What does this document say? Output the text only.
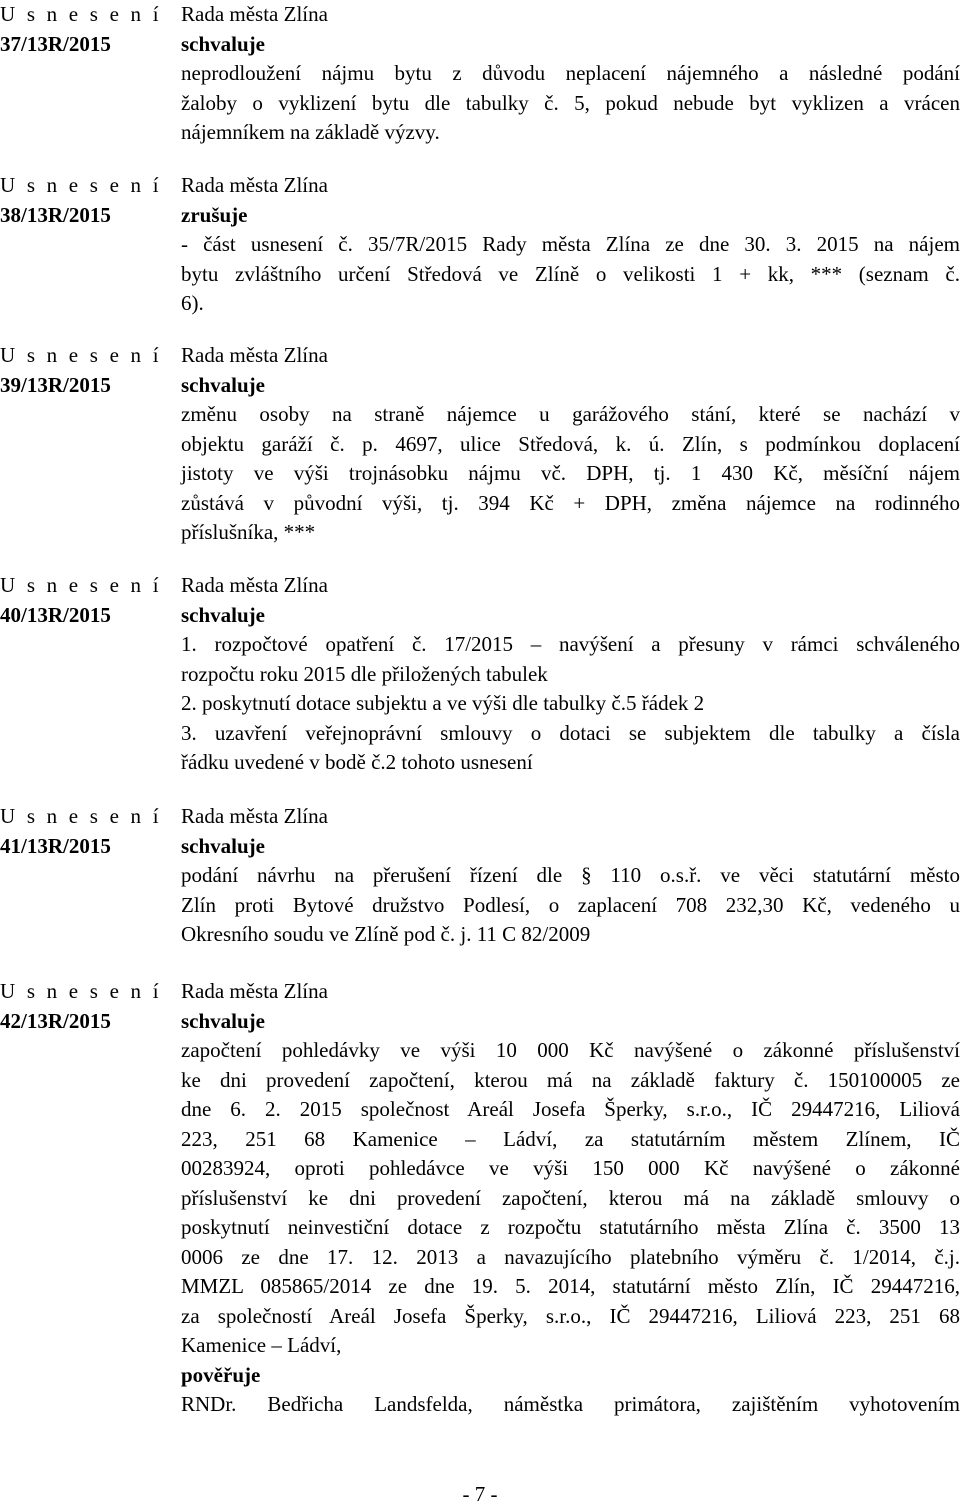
U s n e s e n í
37/13R/2015
Rada města Zlína
schvaluje
neprodloužení nájmu bytu z důvodu neplacení nájemného a následné podání
žaloby o vyklizení bytu dle tabulky č. 5, pokud nebude byt vyklizen a vrácen
nájemníkem na základě výzvy.
U s n e s e n í
38/13R/2015
Rada města Zlína
zrušuje
- část usnesení č. 35/7R/2015 Rady města Zlína ze dne 30. 3. 2015 na nájem
bytu zvláštního určení Středová ve Zlíně o velikosti 1 + kk, *** (seznam č.
6).
U s n e s e n í
39/13R/2015
Rada města Zlína
schvaluje
změnu osoby na straně nájemce u garážového stání, které se nachází v
objektu garáží č. p. 4697, ulice Středová, k. ú. Zlín, s podmínkou doplacení
jistoty ve výši trojnásobku nájmu vč. DPH, tj. 1 430 Kč, měsíční nájem
zůstává v původní výši, tj. 394 Kč + DPH, změna nájemce na rodinného
příslušníka, ***
U s n e s e n í
40/13R/2015
Rada města Zlína
schvaluje
1. rozpočtové opatření č. 17/2015 – navýšení a přesuny v rámci schváleného
rozpočtu roku 2015 dle přiložených tabulek
2. poskytnutí dotace subjektu a ve výši dle tabulky č.5 řádek 2
3. uzavření veřejnoprávní smlouvy o dotaci se subjektem dle tabulky a čísla
řádku uvedené v bodě č.2 tohoto usnesení
U s n e s e n í
41/13R/2015
Rada města Zlína
schvaluje
podání návrhu na přerušení řízení dle § 110 o.s.ř. ve věci statutární město
Zlín proti Bytové družstvo Podlesí, o zaplacení 708 232,30 Kč, vedeného u
Okresního soudu ve Zlíně pod č. j. 11 C 82/2009
U s n e s e n í
42/13R/2015
Rada města Zlína
schvaluje
započtení pohledávky ve výši 10 000 Kč navýšené o zákonné příslušenství
ke dni provedení započtení, kterou má na základě faktury č. 150100005 ze
dne 6. 2. 2015 společnost Areál Josefa Šperky, s.r.o., IČ 29447216, Liliová
223, 251 68 Kamenice – Ládví, za statutárním městem Zlínem, IČ
00283924, oproti pohledávce ve výši 150 000 Kč navýšené o zákonné
příslušenství ke dni provedení započtení, kterou má na základě smlouvy o
poskytnutí neinvestiční dotace z rozpočtu statutárního města Zlína č. 3500 13
0006 ze dne 17. 12. 2013 a navazujícího platebního výměru č. 1/2014, č.j.
MMZL 085865/2014 ze dne 19. 5. 2014, statutární město Zlín, IČ 29447216,
za společností Areál Josefa Šperky, s.r.o., IČ 29447216, Liliová 223, 251 68
Kamenice – Ládví,
pověřuje
RNDr. Bedřicha Landsfelda, náměstka primátora, zajištěním vyhotovením
- 7 -
